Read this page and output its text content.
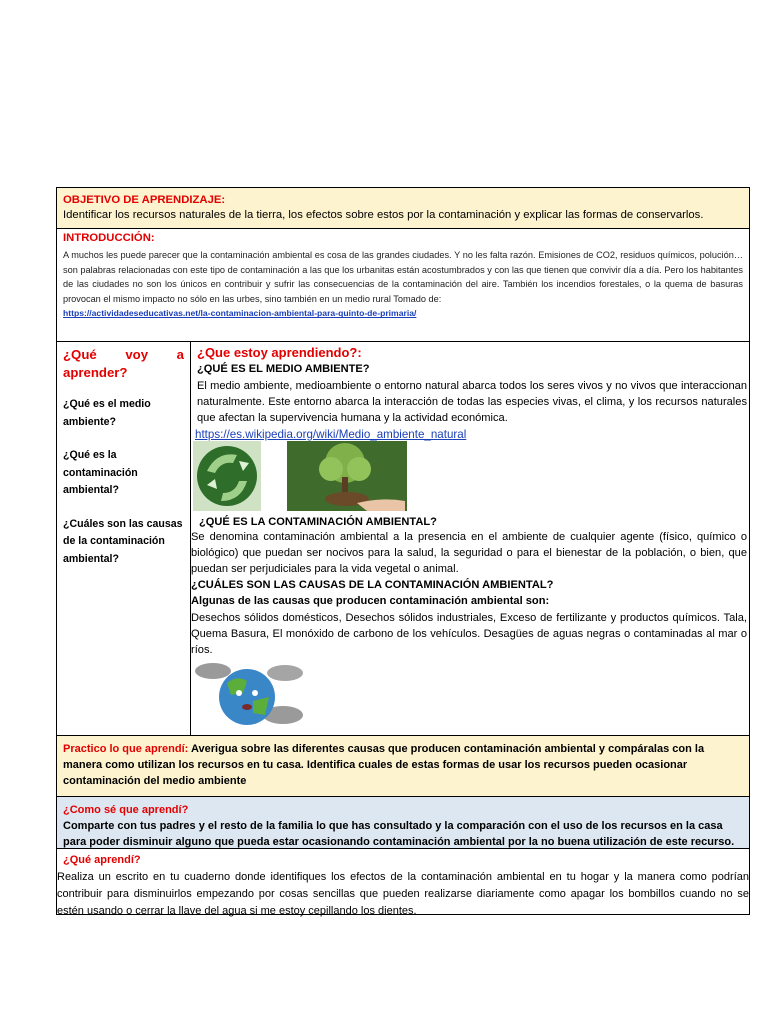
OBJETIVO DE APRENDIZAJE:
Identificar los recursos naturales de la tierra, los efectos sobre estos por la contaminación y explicar las formas de conservarlos.
INTRODUCCIÓN:
A muchos les puede parecer que la contaminación ambiental es cosa de las grandes ciudades. Y no les falta razón. Emisiones de CO2, residuos químicos, polución…son palabras relacionadas con este tipo de contaminación a las que los urbanitas están acostumbrados y con las que tienen que convivir día a día. Pero los habitantes de las ciudades no son los únicos en contribuir y sufrir las consecuencias de la contaminación del aire. También los incendios forestales, o la quema de basuras provocan el mismo impacto no sólo en las urbes, sino también en un medio rural Tomado de:
https://actividadeseducativas.net/la-contaminacion-ambiental-para-quinto-de-primaria/
¿Qué voy a
aprender?
¿Qué es el medio ambiente?
¿Qué es la contaminación ambiental?
¿Cuáles son las causas de la contaminación ambiental?
¿Que estoy aprendiendo?:
¿QUÉ ES EL MEDIO AMBIENTE?
El medio ambiente, medioambiente o entorno natural abarca todos los seres vivos y no vivos que interaccionan naturalmente. Este entorno abarca la interacción de todas las especies vivas, el clima, y los recursos naturales que afectan la supervivencia humana y la actividad económica.
https://es.wikipedia.org/wiki/Medio_ambiente_natural
¿QUÉ ES LA CONTAMINACIÓN AMBIENTAL?
Se denomina contaminación ambiental a la presencia en el ambiente de cualquier agente (físico, químico o biológico) que puedan ser nocivos para la salud, la seguridad o para el bienestar de la población, o bien, que puedan ser perjudiciales para la vida vegetal o animal.
¿CUÁLES SON LAS CAUSAS DE LA CONTAMINACIÓN AMBIENTAL?
Algunas de las causas que producen contaminación ambiental son:
Desechos sólidos domésticos, Desechos sólidos industriales, Exceso de fertilizante y productos químicos. Tala, Quema Basura, El monóxido de carbono de los vehículos. Desagües de aguas negras o contaminadas al mar o ríos.
Practico lo que aprendí: Averigua sobre las diferentes causas que producen contaminación ambiental y compáralas con la manera como utilizan los recursos en tu casa. Identifica cuales de estas formas de usar los recursos pueden ocasionar contaminación del medio ambiente
¿Como sé que aprendí?
Comparte con tus padres y el resto de la familia lo que has consultado y la comparación con el uso de los recursos en la casa para poder disminuir alguno que pueda estar ocasionando contaminación ambiental por la no buena utilización de este recurso.
¿Qué aprendí?
Realiza un escrito en tu cuaderno donde identifiques los efectos de la contaminación ambiental en tu hogar y la manera como podrían contribuir para disminuirlos empezando por cosas sencillas que pueden realizarse diariamente como apagar los bombillos cuando no se estén usando o cerrar la llave del agua si me estoy cepillando los dientes.
